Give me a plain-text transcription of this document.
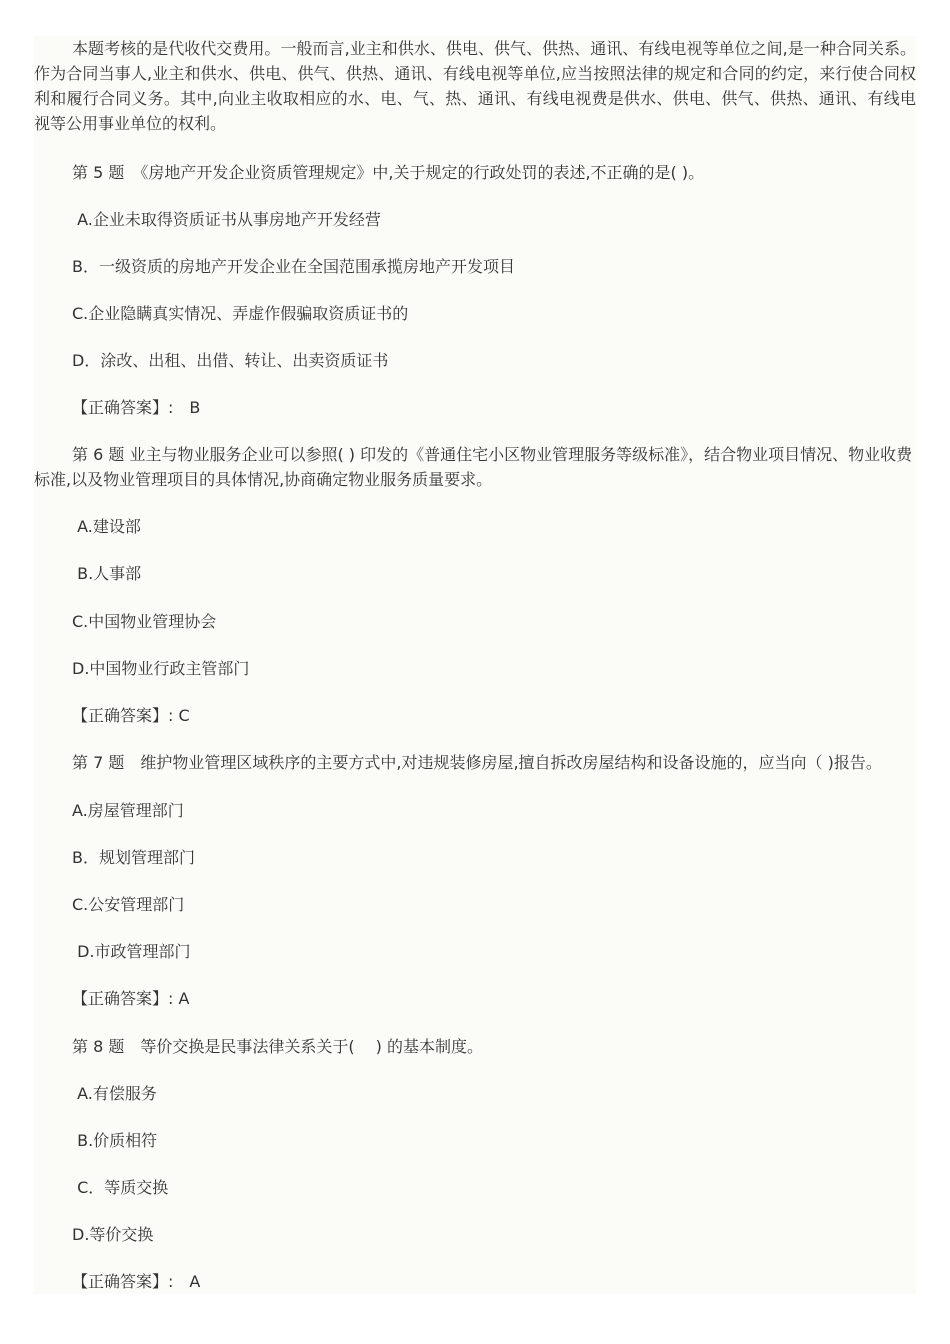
本题考核的是代收代交费用。一般而言,业主和供水、供电、供气、供热、通讯、有线电视等单位之间,是一种合同关系。作为合同当事人,业主和供水、供电、供气、供热、通讯、有线电视等单位,应当按照法律的规定和合同的约定，来行使合同权利和履行合同义务。其中,向业主收取相应的水、电、气、热、通讯、有线电视费是供水、供电、供气、供热、通讯、有线电视等公用事业单位的权利。

第 5 题　《房地产开发企业资质管理规定》中,关于规定的行政处罚的表述,不正确的是( )。

A.企业未取得资质证书从事房地产开发经营

B．一级资质的房地产开发企业在全国范围承揽房地产开发项目

C.企业隐瞒真实情况、弄虚作假骗取资质证书的

D．涂改、出租、出借、转让、出卖资质证书

【正确答案】:　B

第 6 题 业主与物业服务企业可以参照( ) 印发的《普通住宅小区物业管理服务等级标准》，结合物业项目情况、物业收费标准,以及物业管理项目的具体情况,协商确定物业服务质量要求。

A.建设部

B.人事部

C.中国物业管理协会

D.中国物业行政主管部门

【正确答案】: C

第 7 题　维护物业管理区域秩序的主要方式中,对违规装修房屋,擅自拆改房屋结构和设备设施的，应当向（ )报告。

A.房屋管理部门

B．规划管理部门

C.公安管理部门

D.市政管理部门

【正确答案】: A

第 8 题　等价交换是民事法律关系关于(　 ) 的基本制度。

A.有偿服务

B.价质相符

C．等质交换

D.等价交换

【正确答案】:　A
